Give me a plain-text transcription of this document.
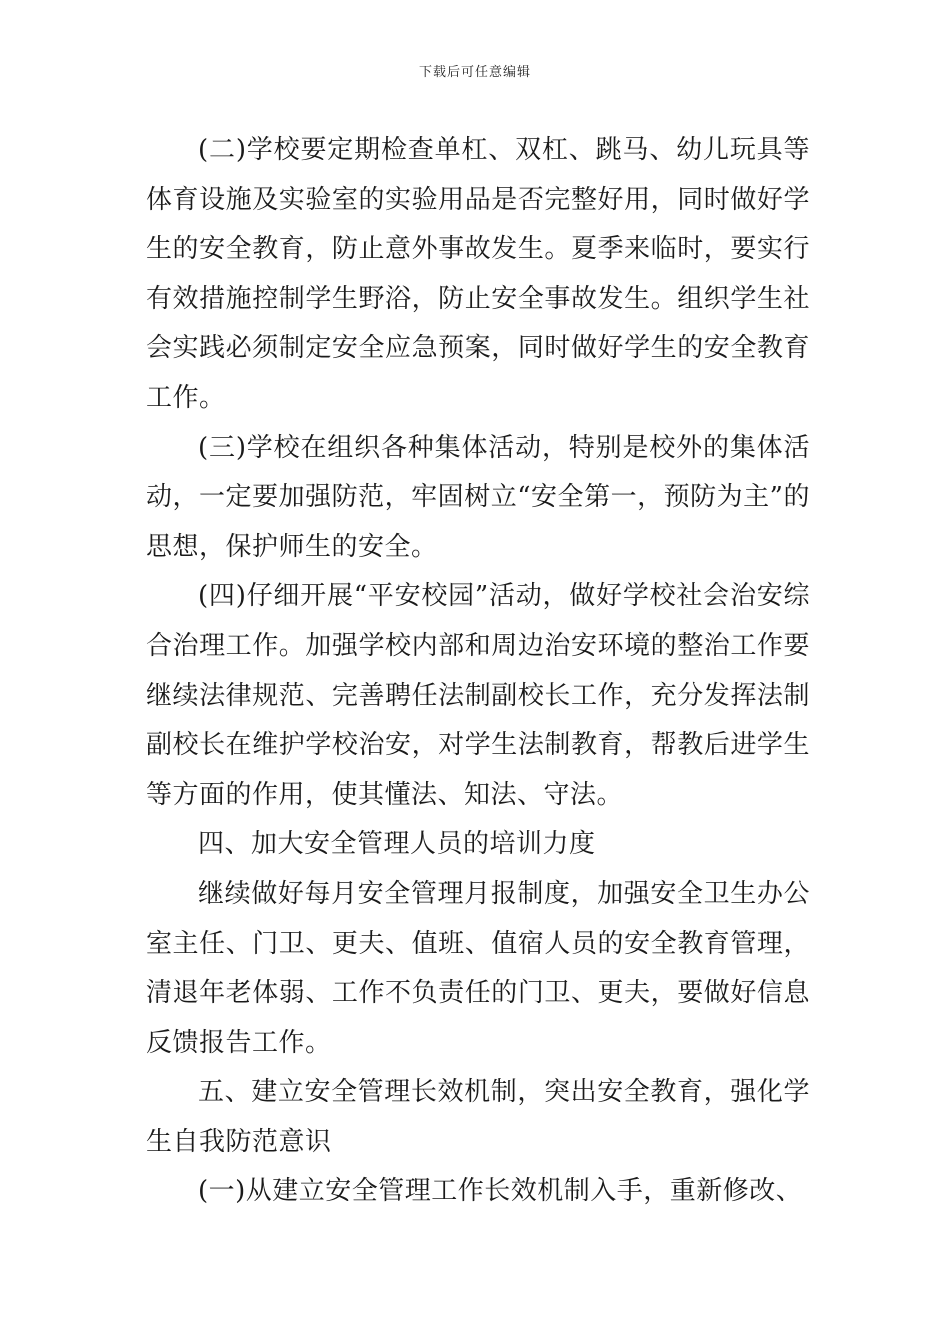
下载后可任意编辑

(二)学校要定期检查单杠、双杠、跳马、幼儿玩具等体育设施及实验室的实验用品是否完整好用，同时做好学生的安全教育，防止意外事故发生。夏季来临时，要实行有效措施控制学生野浴，防止安全事故发生。组织学生社会实践必须制定安全应急预案，同时做好学生的安全教育工作。

(三)学校在组织各种集体活动，特别是校外的集体活动，一定要加强防范，牢固树立“安全第一，预防为主”的思想，保护师生的安全。

(四)仔细开展“平安校园”活动，做好学校社会治安综合治理工作。加强学校内部和周边治安环境的整治工作要继续法律规范、完善聘任法制副校长工作，充分发挥法制副校长在维护学校治安，对学生法制教育，帮教后进学生等方面的作用，使其懂法、知法、守法。

四、加大安全管理人员的培训力度

继续做好每月安全管理月报制度，加强安全卫生办公室主任、门卫、更夫、值班、值宿人员的安全教育管理，清退年老体弱、工作不负责任的门卫、更夫，要做好信息反馈报告工作。

五、建立安全管理长效机制，突出安全教育，强化学生自我防范意识

(一)从建立安全管理工作长效机制入手，重新修改、
